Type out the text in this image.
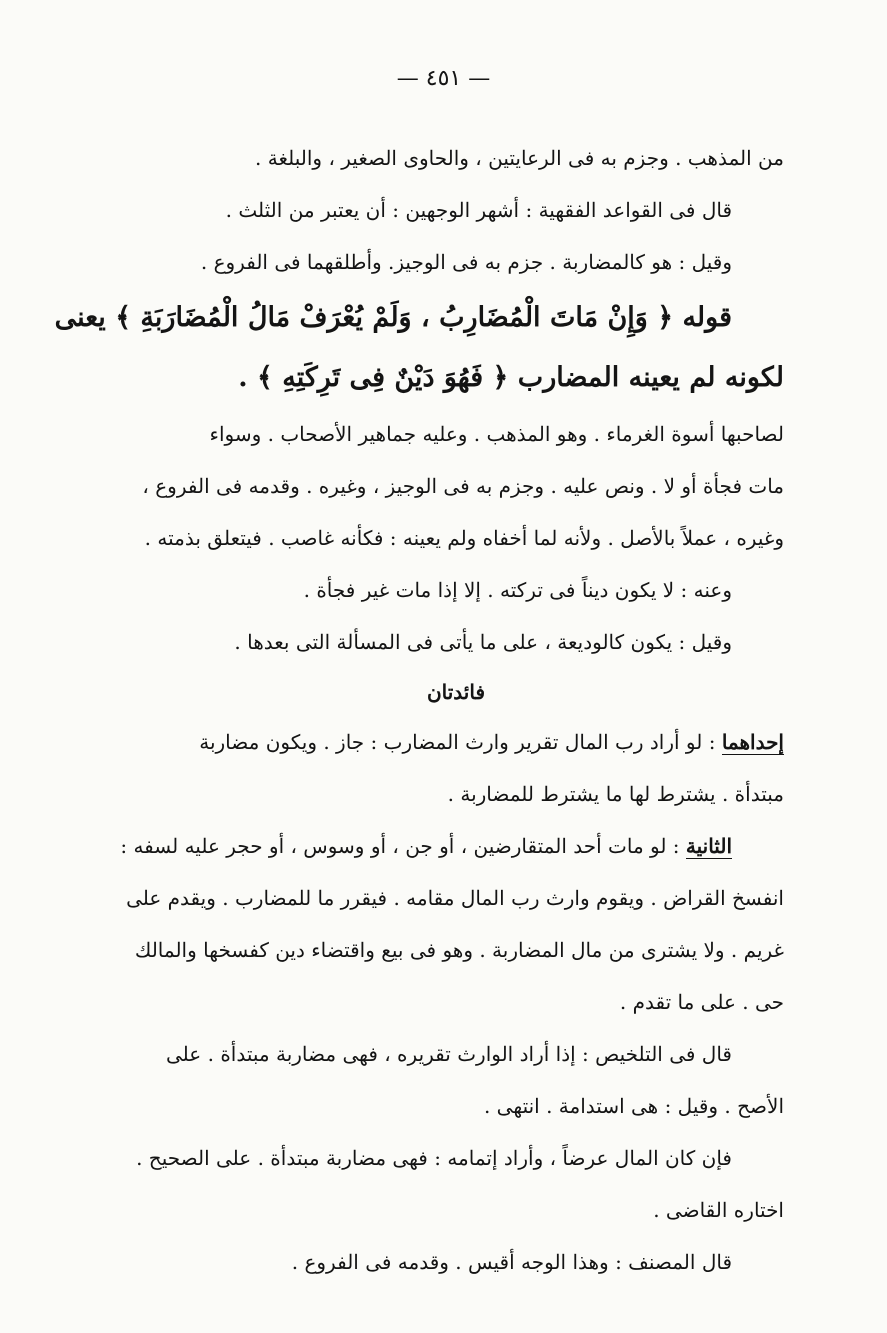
— ٤٥١ —
من المذهب . وجزم به فى الرعايتين ، والحاوى الصغير ، والبلغة .
قال فى القواعد الفقهية : أشهر الوجهين : أن يعتبر من الثلث .
وقيل : هو كالمضاربة . جزم به فى الوجيز. وأطلقهما فى الفروع .
قوله ﴿ وَإِنْ مَاتَ الْمُضَارِبُ ، وَلَمْ يُعْرَفْ مَالُ الْمُضَارَبَةِ ﴾ يعنى
لكونه لم يعينه المضارب ﴿ فَهُوَ دَيْنٌ فِى تَرِكَتِهِ ﴾ .
لصاحبها أسوة الغرماء . وهو المذهب . وعليه جماهير الأصحاب . وسواء
مات فجأة أو لا . ونص عليه . وجزم به فى الوجيز ، وغيره . وقدمه فى الفروع ،
وغيره ، عملاً بالأصل . ولأنه لما أخفاه ولم يعينه : فكأنه غاصب . فيتعلق بذمته .
وعنه : لا يكون ديناً فى تركته . إلا إذا مات غير فجأة .
وقيل : يكون كالوديعة ، على ما يأتى فى المسألة التى بعدها .
فائدتان
إحداهما : لو أراد رب المال تقرير وارث المضارب : جاز . ويكون مضاربة
مبتدأة . يشترط لها ما يشترط للمضاربة .
الثانية : لو مات أحد المتقارضين ، أو جن ، أو وسوس ، أو حجر عليه لسفه :
انفسخ القراض . ويقوم وارث رب المال مقامه . فيقرر ما للمضارب . ويقدم على
غريم . ولا يشترى من مال المضاربة . وهو فى بيع واقتضاء دين كفسخها والمالك
حى . على ما تقدم .
قال فى التلخيص : إذا أراد الوارث تقريره ، فهى مضاربة مبتدأة . على
الأصح . وقيل : هى استدامة . انتهى .
فإن كان المال عرضاً ، وأراد إتمامه : فهى مضاربة مبتدأة . على الصحيح .
اختاره القاضى .
قال المصنف : وهذا الوجه أقيس . وقدمه فى الفروع .
